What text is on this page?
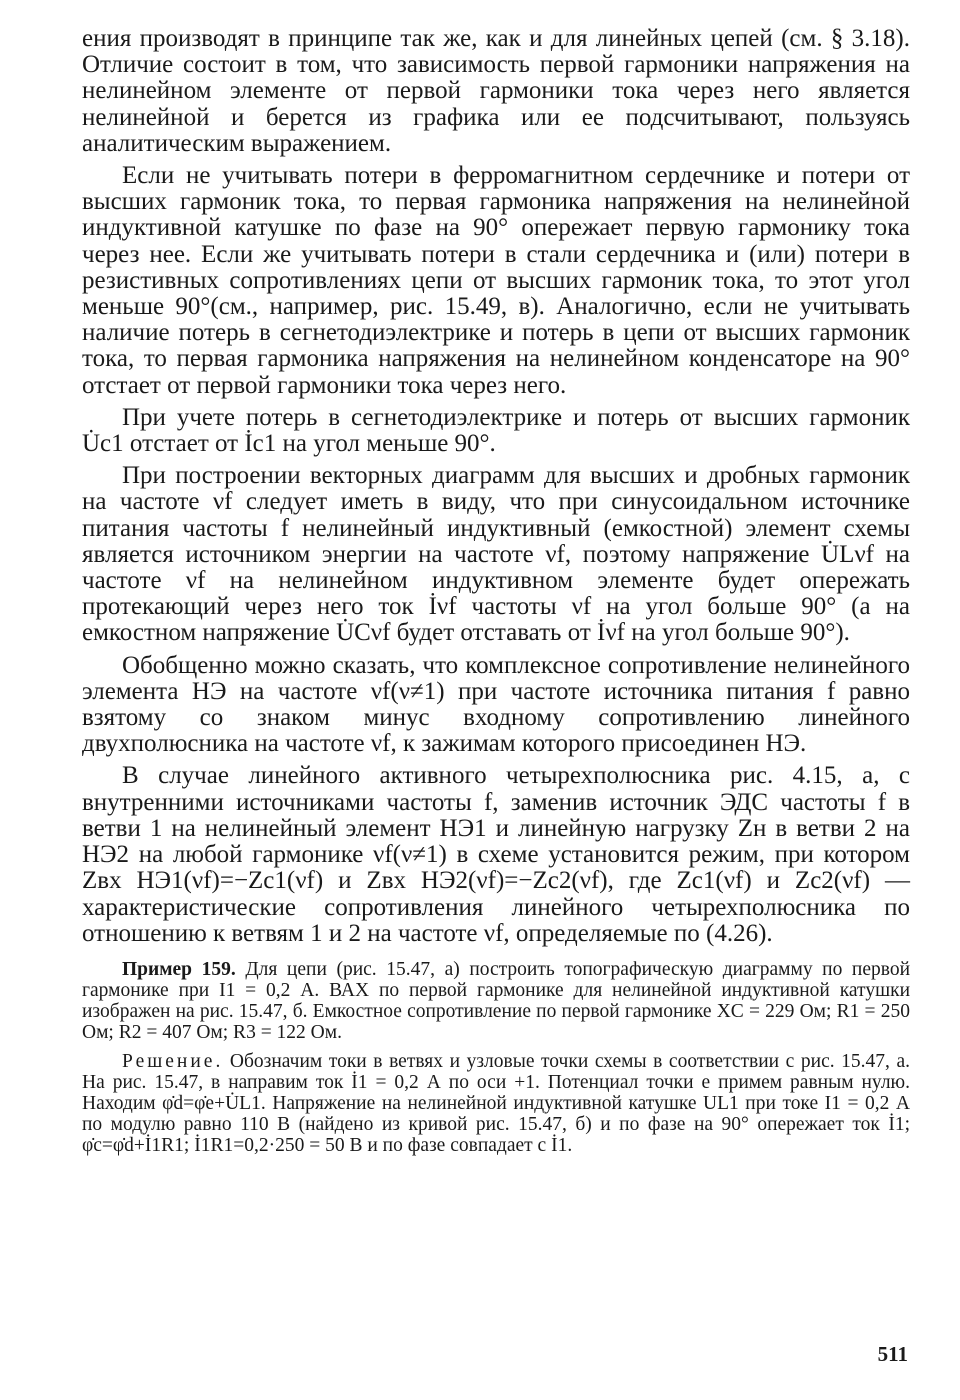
ения производят в принципе так же, как и для линейных цепей (см. § 3.18). Отличие состоит в том, что зависимость первой гармоники напряжения на нелинейном элементе от первой гармоники тока через него является нелинейной и берется из графика или ее подсчитывают, пользуясь аналитическим выражением.

Если не учитывать потери в ферромагнитном сердечнике и потери от высших гармоник тока, то первая гармоника напряжения на нелинейной индуктивной катушке по фазе на 90° опережает первую гармонику тока через нее. Если же учитывать потери в стали сердечника и (или) потери в резистивных сопротивлениях цепи от высших гармоник тока, то этот угол меньше 90°(см., например, рис. 15.49, в). Аналогично, если не учитывать наличие потерь в сегнетодиэлектрике и потерь в цепи от высших гармоник тока, то первая гармоника напряжения на нелинейном конденсаторе на 90° отстает от первой гармоники тока через него.

При учете потерь в сегнетодиэлектрике и потерь от высших гармоник U̇c1 отстает от İc1 на угол меньше 90°.

При построении векторных диаграмм для высших и дробных гармоник на частоте νf следует иметь в виду, что при синусоидальном источнике питания частоты f нелинейный индуктивный (емкостной) элемент схемы является источником энергии на частоте νf, поэтому напряжение U̇Lνf на частоте νf на нелинейном индуктивном элементе будет опережать протекающий через него ток İνf частоты νf на угол больше 90° (а на емкостном напряжение U̇Cνf будет отставать от İνf на угол больше 90°).

Обобщенно можно сказать, что комплексное сопротивление нелинейного элемента НЭ на частоте νf(ν≠1) при частоте источника питания f равно взятому со знаком минус входному сопротивлению линейного двухполюсника на частоте νf, к зажимам которого присоединен НЭ.

В случае линейного активного четырехполюсника рис. 4.15, а, с внутренними источниками частоты f, заменив источник ЭДС частоты f в ветви 1 на нелинейный элемент НЭ1 и линейную нагрузку Zн в ветви 2 на НЭ2 на любой гармонике νf(ν≠1) в схеме установится режим, при котором Zвх НЭ1(νf)=−Zc1(νf) и Zвх НЭ2(νf)=−Zc2(νf), где Zc1(νf) и Zc2(νf) — характеристические сопротивления линейного четырехполюсника по отношению к ветвям 1 и 2 на частоте νf, определяемые по (4.26).

Пример 159. Для цепи (рис. 15.47, а) построить топографическую диаграмму по первой гармонике при I1 = 0,2 А. ВАХ по первой гармонике для нелинейной индуктивной катушки изображен на рис. 15.47, б. Емкостное сопротивление по первой гармонике XC = 229 Ом; R1 = 250 Ом; R2 = 407 Ом; R3 = 122 Ом.

Решение. Обозначим токи в ветвях и узловые точки схемы в соответствии с рис. 15.47, а. На рис. 15.47, в направим ток İ1 = 0,2 А по оси +1. Потенциал точки е примем равным нулю. Находим φ̇d=φ̇e+U̇L1. Напряжение на нелинейной индуктивной катушке UL1 при токе I1 = 0,2 А по модулю равно 110 В (найдено из кривой рис. 15.47, б) и по фазе на 90° опережает ток İ1; φ̇c=φ̇d+İ1R1; İ1R1=0,2·250 = 50 В и по фазе совпадает с İ1.

511
